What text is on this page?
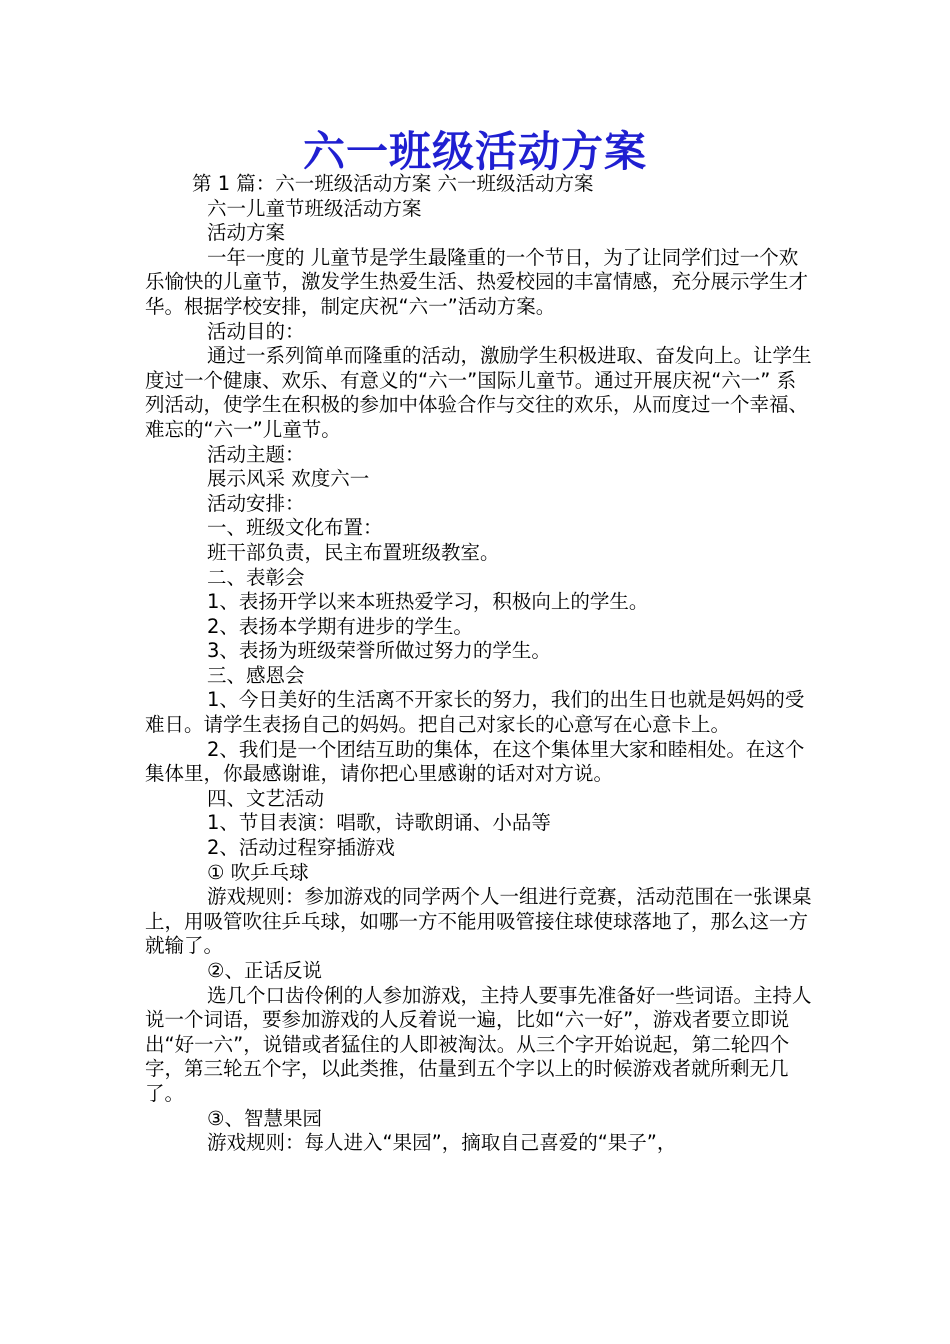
六一班级活动方案

第 1 篇：六一班级活动方案 六一班级活动方案

六一儿童节班级活动方案

活动方案

一年一度的 儿童节是学生最隆重的一个节日，为了让同学们过一个欢乐愉快的儿童节，激发学生热爱生活、热爱校园的丰富情感，充分展示学生才华。根据学校安排，制定庆祝“六一”活动方案。

活动目的：

通过一系列简单而隆重的活动，激励学生积极进取、奋发向上。让学生度过一个健康、欢乐、有意义的“六一”国际儿童节。通过开展庆祝“六一” 系列活动，使学生在积极的参加中体验合作与交往的欢乐，从而度过一个幸福、难忘的“六一”儿童节。

活动主题：

展示风采 欢度六一

活动安排：

一、班级文化布置：

班干部负责，民主布置班级教室。

二、表彰会

1、表扬开学以来本班热爱学习，积极向上的学生。

2、表扬本学期有进步的学生。

3、表扬为班级荣誉所做过努力的学生。

三、感恩会

1、今日美好的生活离不开家长的努力，我们的出生日也就是妈妈的受难日。请学生表扬自己的妈妈。把自己对家长的心意写在心意卡上。

2、我们是一个团结互助的集体，在这个集体里大家和睦相处。在这个集体里，你最感谢谁，请你把心里感谢的话对对方说。

四、文艺活动

1、节目表演：唱歌，诗歌朗诵、小品等

2、活动过程穿插游戏

① 吹乒乓球

游戏规则：参加游戏的同学两个人一组进行竞赛，活动范围在一张课桌上，用吸管吹往乒乓球，如哪一方不能用吸管接住球使球落地了，那么这一方就输了。

②、正话反说

选几个口齿伶俐的人参加游戏，主持人要事先准备好一些词语。主持人说一个词语，要参加游戏的人反着说一遍，比如“六一好”，游戏者要立即说出“好一六”，说错或者猛住的人即被淘汰。从三个字开始说起，第二轮四个字，第三轮五个字，以此类推，估量到五个字以上的时候游戏者就所剩无几了。

③、智慧果园

游戏规则：每人进入“果园”，摘取自己喜爱的“果子”，
